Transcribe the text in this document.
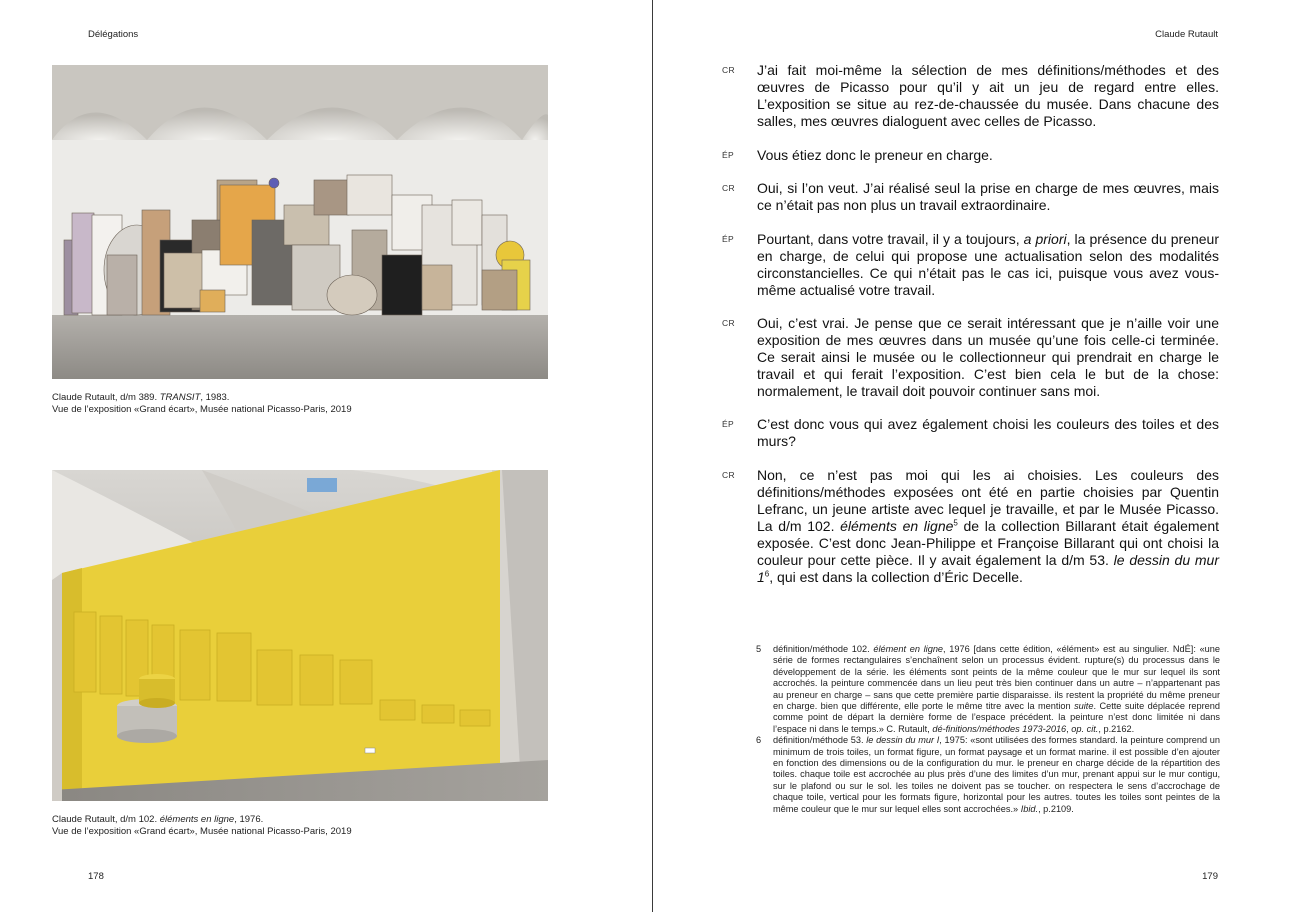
Délégations
Claude Rutault, d/m 389. TRANSIT, 1983.
Vue de l’exposition «Grand écart», Musée national Picasso-Paris, 2019
Claude Rutault, d/m 102. éléments en ligne, 1976.
Vue de l’exposition «Grand écart», Musée national Picasso-Paris, 2019
178
Claude Rutault
179
CR J’ai fait moi-même la sélection de mes définitions/méthodes et des œuvres de Picasso pour qu’il y ait un jeu de regard entre elles. L’exposition se situe au rez-de-chaussée du musée. Dans chacune des salles, mes œuvres dialoguent avec celles de Picasso.
ÉP Vous étiez donc le preneur en charge.
CR Oui, si l’on veut. J’ai réalisé seul la prise en charge de mes œuvres, mais ce n’était pas non plus un travail extraordinaire.
ÉP Pourtant, dans votre travail, il y a toujours, a priori, la présence du preneur en charge, de celui qui propose une actualisation selon des modalités circonstancielles. Ce qui n’était pas le cas ici, puisque vous avez vous-même actualisé votre travail.
CR Oui, c’est vrai. Je pense que ce serait intéressant que je n’aille voir une exposition de mes œuvres dans un musée qu’une fois celle-ci terminée. Ce serait ainsi le musée ou le collectionneur qui prendrait en charge le travail et qui ferait l’exposition. C’est bien cela le but de la chose: normalement, le travail doit pouvoir continuer sans moi.
ÉP C’est donc vous qui avez également choisi les couleurs des toiles et des murs?
CR Non, ce n’est pas moi qui les ai choisies. Les couleurs des définitions/méthodes exposées ont été en partie choisies par Quentin Lefranc, un jeune artiste avec lequel je travaille, et par le Musée Picasso. La d/m 102. éléments en ligne$^5$ de la collection Billarant était également exposée. C’est donc Jean-Philippe et Françoise Billarant qui ont choisi la couleur pour cette pièce. Il y avait également la d/m 53. le dessin du mur $1^6$, qui est dans la collection d’Éric Decelle.
5 définition/méthode 102. élément en ligne, 1976 [dans cette édition, «élément» est au singulier. NdÉ]: «une série de formes rectangulaires s’enchaînent selon un processus évident. rupture(s) du processus dans le développement de la série. les éléments sont peints de la même couleur que le mur sur lequel ils sont accrochés. la peinture commencée dans un lieu peut très bien continuer dans un autre – n’appartenant pas au preneur en charge – sans que cette première partie disparaisse. ils restent la propriété du même preneur en charge. bien que différente, elle porte le même titre avec la mention suite. Cette suite déplacée reprend comme point de départ la dernière forme de l’espace précédent. la peinture n’est donc limitée ni dans l’espace ni dans le temps.» C. Rutault, dé-finitions/méthodes 1973-2016, op. cit., p.2162.
6 définition/méthode 53. le dessin du mur I, 1975: «sont utilisées des formes standard. la peinture comprend un minimum de trois toiles, un format figure, un format paysage et un format marine. il est possible d’en ajouter en fonction des dimensions ou de la configuration du mur. le preneur en charge décide de la répartition des toiles. chaque toile est accrochée au plus près d’une des limites d’un mur, prenant appui sur le mur contigu, sur le plafond ou sur le sol. les toiles ne doivent pas se toucher. on respectera le sens d’accrochage de chaque toile, vertical pour les formats figure, horizontal pour les autres. toutes les toiles sont peintes de la même couleur que le mur sur lequel elles sont accrochées.» Ibid., p.2109.
